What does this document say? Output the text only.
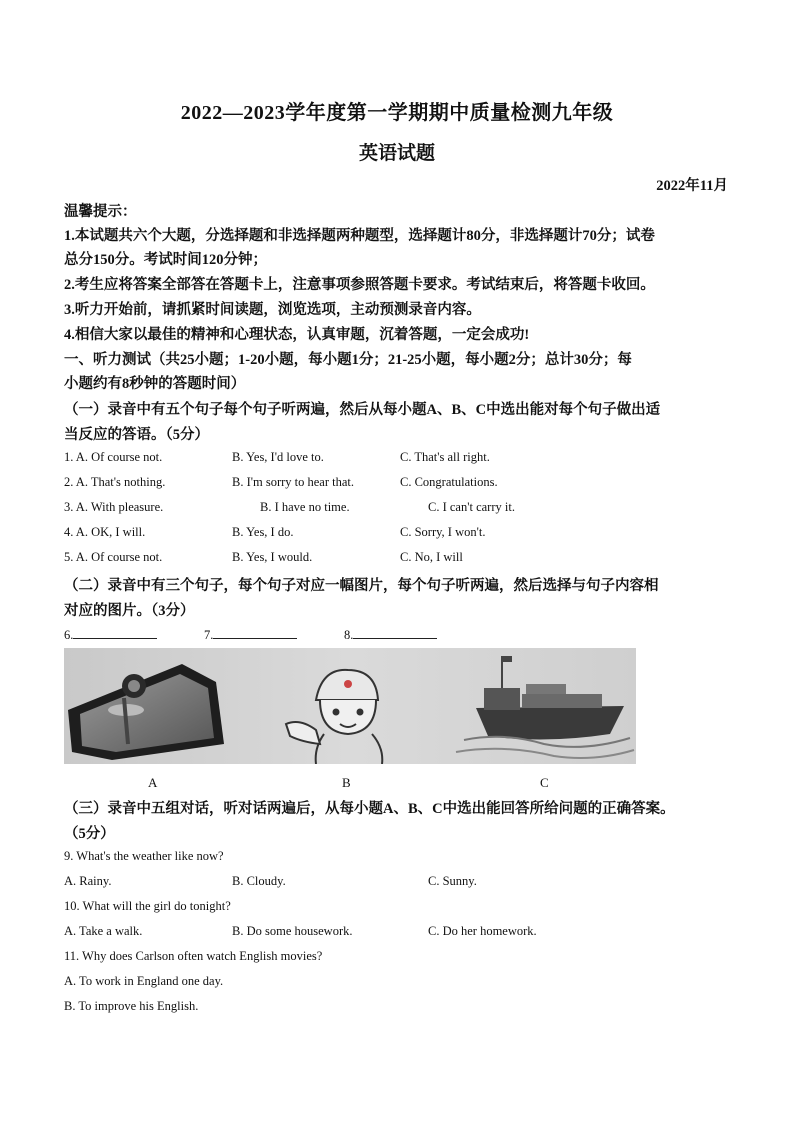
2022—2023学年度第一学期期中质量检测九年级
英语试题
2022年11月
温馨提示：
1.本试题共六个大题，分选择题和非选择题两种题型，选择题计80分，非选择题计70分；试卷
总分150分。考试时间120分钟；
2.考生应将答案全部答在答题卡上，注意事项参照答题卡要求。考试结束后，将答题卡收回。
3.听力开始前，请抓紧时间读题，浏览选项，主动预测录音内容。
4.相信大家以最佳的精神和心理状态，认真审题，沉着答题，一定会成功!
一、听力测试（共25小题；1-20小题，每小题1分；21-25小题，每小题2分；总计30分；每
小题约有8秒钟的答题时间）
（一）录音中有五个句子每个句子听两遍，然后从每小题A、B、C中选出能对每个句子做出适
当反应的答语。（5分）
1. A. Of course not.	B. Yes, I'd love to.	C. That's all right.
2. A. That's nothing.	B. I'm sorry to hear that.	C. Congratulations.
3. A. With pleasure.	B. I have no time.	C. I can't carry it.
4. A. OK, I will.	B. Yes, I do.	C. Sorry, I won't.
5. A. Of course not.	B. Yes, I would.	C. No, I will
（二）录音中有三个句子，每个句子对应一幅图片，每个句子听两遍，然后选择与句子内容相
对应的图片。（3分）
6.	7.	8.
A	B	C
（三）录音中五组对话，听对话两遍后，从每小题A、B、C中选出能回答所给问题的正确答案。
（5分）
9. What's the weather like now?
A. Rainy.	B. Cloudy.	C. Sunny.
10. What will the girl do tonight?
A. Take a walk.	B. Do some housework.	C. Do her homework.
11. Why does Carlson often watch English movies?
A. To work in England one day.
B. To improve his English.
